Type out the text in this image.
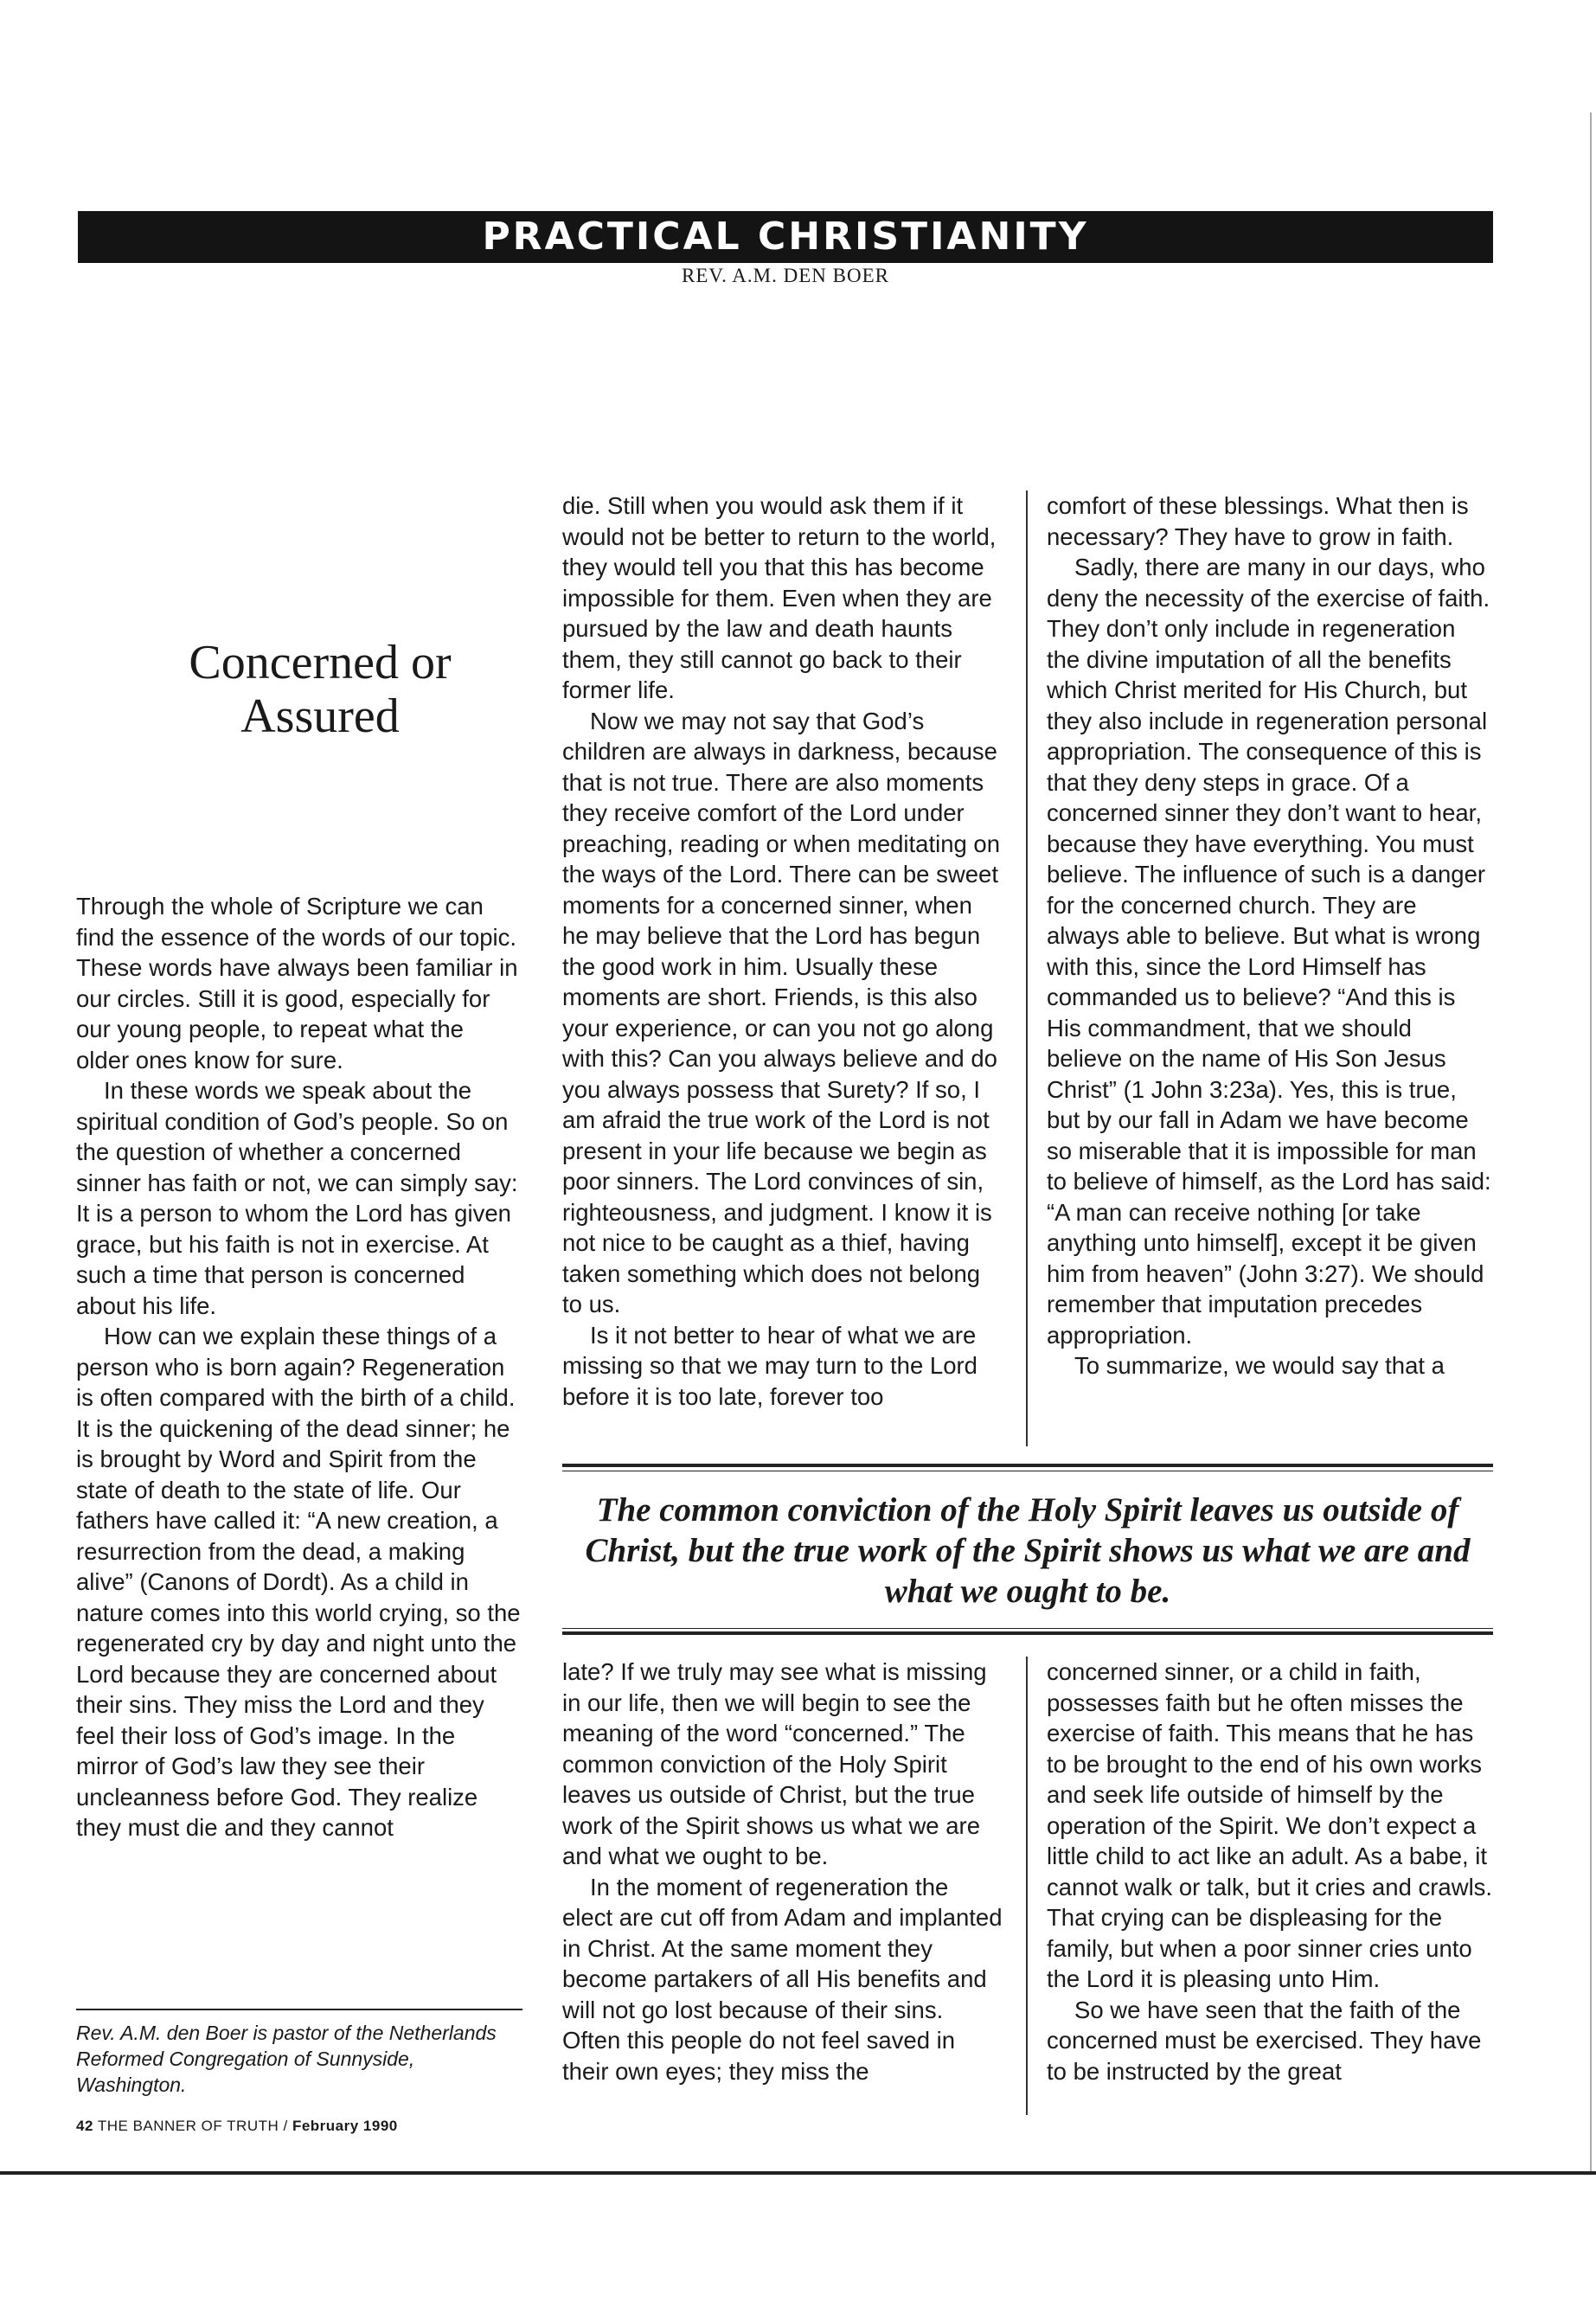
PRACTICAL CHRISTIANITY
REV. A.M. DEN BOER
Concerned or
Assured

Through the whole of Scripture we can find the essence of the words of our topic. These words have always been familiar in our circles. Still it is good, especially for our young people, to repeat what the older ones know for sure.

In these words we speak about the spiritual condition of God’s people. So on the question of whether a concerned sinner has faith or not, we can simply say: It is a person to whom the Lord has given grace, but his faith is not in exercise. At such a time that person is concerned about his life.

How can we explain these things of a person who is born again? Regeneration is often compared with the birth of a child. It is the quickening of the dead sinner; he is brought by Word and Spirit from the state of death to the state of life. Our fathers have called it: “A new creation, a resurrection from the dead, a making alive” (Canons of Dordt). As a child in nature comes into this world crying, so the regenerated cry by day and night unto the Lord because they are concerned about their sins. They miss the Lord and they feel their loss of God’s image. In the mirror of God’s law they see their uncleanness before God. They realize they must die and they cannot

die. Still when you would ask them if it would not be better to return to the world, they would tell you that this has become impossible for them. Even when they are pursued by the law and death haunts them, they still cannot go back to their former life.

Now we may not say that God’s children are always in darkness, because that is not true. There are also moments they receive comfort of the Lord under preaching, reading or when meditating on the ways of the Lord. There can be sweet moments for a concerned sinner, when he may believe that the Lord has begun the good work in him. Usually these moments are short. Friends, is this also your experience, or can you not go along with this? Can you always believe and do you always possess that Surety? If so, I am afraid the true work of the Lord is not present in your life because we begin as poor sinners. The Lord convinces of sin, righteousness, and judgment. I know it is not nice to be caught as a thief, having taken something which does not belong to us.

Is it not better to hear of what we are missing so that we may turn to the Lord before it is too late, forever too

comfort of these blessings. What then is necessary? They have to grow in faith.

Sadly, there are many in our days, who deny the necessity of the exercise of faith. They don’t only include in regeneration the divine imputation of all the benefits which Christ merited for His Church, but they also include in regeneration personal appropriation. The consequence of this is that they deny steps in grace. Of a concerned sinner they don’t want to hear, because they have everything. You must believe. The influence of such is a danger for the concerned church. They are always able to believe. But what is wrong with this, since the Lord Himself has commanded us to believe? “And this is His commandment, that we should believe on the name of His Son Jesus Christ” (1 John 3:23a). Yes, this is true, but by our fall in Adam we have become so miserable that it is impossible for man to believe of himself, as the Lord has said: “A man can receive nothing [or take anything unto himself], except it be given him from heaven” (John 3:27). We should remember that imputation precedes appropriation.

To summarize, we would say that a

The common conviction of the Holy Spirit leaves us outside of Christ, but the true work of the Spirit shows us what we are and what we ought to be.

late? If we truly may see what is missing in our life, then we will begin to see the meaning of the word “concerned.” The common conviction of the Holy Spirit leaves us outside of Christ, but the true work of the Spirit shows us what we are and what we ought to be.

In the moment of regeneration the elect are cut off from Adam and implanted in Christ. At the same moment they become partakers of all His benefits and will not go lost because of their sins. Often this people do not feel saved in their own eyes; they miss the

concerned sinner, or a child in faith, possesses faith but he often misses the exercise of faith. This means that he has to be brought to the end of his own works and seek life outside of himself by the operation of the Spirit. We don’t expect a little child to act like an adult. As a babe, it cannot walk or talk, but it cries and crawls. That crying can be displeasing for the family, but when a poor sinner cries unto the Lord it is pleasing unto Him.

So we have seen that the faith of the concerned must be exercised. They have to be instructed by the great

Rev. A.M. den Boer is pastor of the Netherlands Reformed Congregation of Sunnyside, Washington.
42 THE BANNER OF TRUTH / February 1990
